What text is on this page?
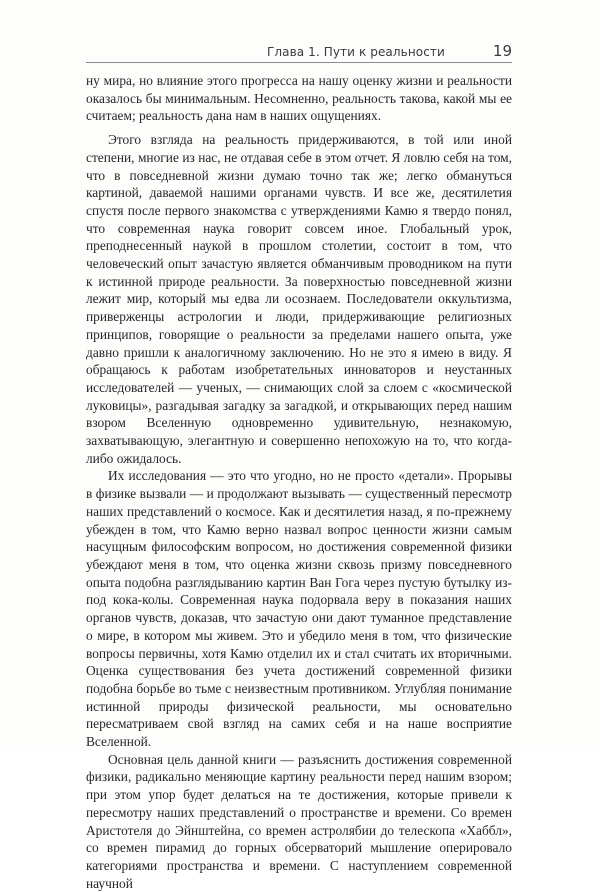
Глава 1. Пути к реальности	19

ну мира, но влияние этого прогресса на нашу оценку жизни и реальности оказалось бы минимальным. Несомненно, реальность такова, какой мы ее считаем; реальность дана нам в наших ощущениях.

Этого взгляда на реальность придерживаются, в той или иной степени, многие из нас, не отдавая себе в этом отчет. Я ловлю себя на том, что в повседневной жизни думаю точно так же; легко обмануться картиной, даваемой нашими органами чувств. И все же, десятилетия спустя после первого знакомства с утверждениями Камю я твердо понял, что современная наука говорит совсем иное. Глобальный урок, преподнесенный наукой в прошлом столетии, состоит в том, что человеческий опыт зачастую является обманчивым проводником на пути к истинной природе реальности. За поверхностью повседневной жизни лежит мир, который мы едва ли осознаем. Последователи оккультизма, приверженцы астрологии и люди, придерживающие религиозных принципов, говорящие о реальности за пределами нашего опыта, уже давно пришли к аналогичному заключению. Но не это я имею в виду. Я обращаюсь к работам изобретательных инноваторов и неустанных исследователей — ученых, — снимающих слой за слоем с «космической луковицы», разгадывая загадку за загадкой, и открывающих перед нашим взором Вселенную одновременно удивительную, незнакомую, захватывающую, элегантную и совершенно непохожую на то, что когда-либо ожидалось.

Их исследования — это что угодно, но не просто «детали». Прорывы в физике вызвали — и продолжают вызывать — существенный пересмотр наших представлений о космосе. Как и десятилетия назад, я по-прежнему убежден в том, что Камю верно назвал вопрос ценности жизни самым насущным философским вопросом, но достижения современной физики убеждают меня в том, что оценка жизни сквозь призму повседневного опыта подобна разглядыванию картин Ван Гога через пустую бутылку из-под кока-колы. Современная наука подорвала веру в показания наших органов чувств, доказав, что зачастую они дают туманное представление о мире, в котором мы живем. Это и убедило меня в том, что физические вопросы первичны, хотя Камю отделил их и стал считать их вторичными. Оценка существования без учета достижений современной физики подобна борьбе во тьме с неизвестным противником. Углубляя понимание истинной природы физической реальности, мы основательно пересматриваем свой взгляд на самих себя и на наше восприятие Вселенной.

Основная цель данной книги — разъяснить достижения современной физики, радикально меняющие картину реальности перед нашим взором; при этом упор будет делаться на те достижения, которые привели к пересмотру наших представлений о пространстве и времени. Со времен Аристотеля до Эйнштейна, со времен астролябии до телескопа «Хаббл», со времен пирамид до горных обсерваторий мышление оперировало категориями пространства и времени. С наступлением современной научной
